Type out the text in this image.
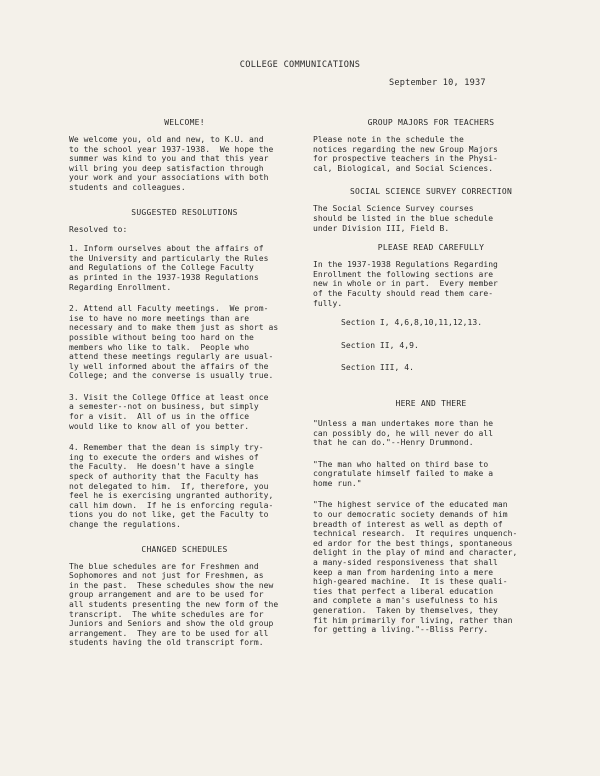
COLLEGE COMMUNICATIONS
September 10, 1937
WELCOME!
We welcome you, old and new, to K.U. and
to the school year 1937-1938.  We hope the
summer was kind to you and that this year
will bring you deep satisfaction through
your work and your associations with both
students and colleagues.
SUGGESTED RESOLUTIONS
Resolved to:
1. Inform ourselves about the affairs of
the University and particularly the Rules
and Regulations of the College Faculty
as printed in the 1937-1938 Regulations
Regarding Enrollment.
2. Attend all Faculty meetings.  We prom-
ise to have no more meetings than are
necessary and to make them just as short as
possible without being too hard on the
members who like to talk.  People who
attend these meetings regularly are usual-
ly well informed about the affairs of the
College; and the converse is usually true.
3. Visit the College Office at least once
a semester--not on business, but simply
for a visit.  All of us in the office
would like to know all of you better.
4. Remember that the dean is simply try-
ing to execute the orders and wishes of
the Faculty.  He doesn't have a single
speck of authority that the Faculty has
not delegated to him.  If, therefore, you
feel he is exercising ungranted authority,
call him down.  If he is enforcing regula-
tions you do not like, get the Faculty to
change the regulations.
CHANGED SCHEDULES
The blue schedules are for Freshmen and
Sophomores and not just for Freshmen, as
in the past.  These schedules show the new
group arrangement and are to be used for
all students presenting the new form of the
transcript.  The white schedules are for
Juniors and Seniors and show the old group
arrangement.  They are to be used for all
students having the old transcript form.
GROUP MAJORS FOR TEACHERS
Please note in the schedule the
notices regarding the new Group Majors
for prospective teachers in the Physi-
cal, Biological, and Social Sciences.
SOCIAL SCIENCE SURVEY CORRECTION
The Social Science Survey courses
should be listed in the blue schedule
under Division III, Field B.
PLEASE READ CAREFULLY
In the 1937-1938 Regulations Regarding
Enrollment the following sections are
new in whole or in part.  Every member
of the Faculty should read them care-
fully.
Section I, 4,6,8,10,11,12,13.
Section II, 4,9.
Section III, 4.
HERE AND THERE
"Unless a man undertakes more than he
can possibly do, he will never do all
that he can do."--Henry Drummond.
"The man who halted on third base to
congratulate himself failed to make a
home run."
"The highest service of the educated man
to our democratic society demands of him
breadth of interest as well as depth of
technical research.  It requires unquench-
ed ardor for the best things, spontaneous
delight in the play of mind and character,
a many-sided responsiveness that shall
keep a man from hardening into a mere
high-geared machine.  It is these quali-
ties that perfect a liberal education
and complete a man's usefulness to his
generation.  Taken by themselves, they
fit him primarily for living, rather than
for getting a living."--Bliss Perry.
